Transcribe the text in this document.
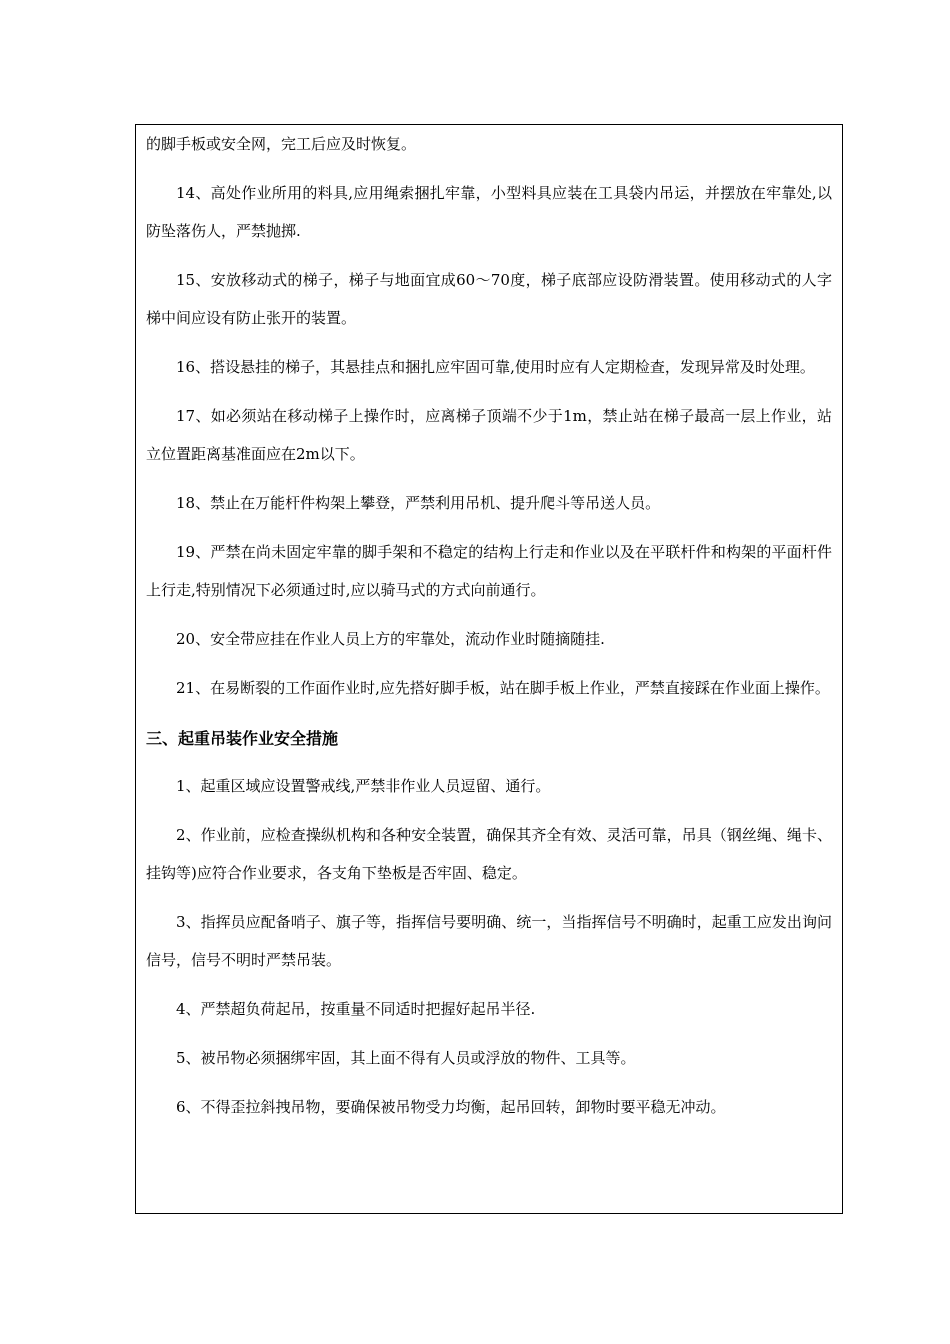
的脚手板或安全网，完工后应及时恢复。

14、高处作业所用的料具,应用绳索捆扎牢靠，小型料具应装在工具袋内吊运，并摆放在牢靠处,以防坠落伤人，严禁抛掷.

15、安放移动式的梯子，梯子与地面宜成60～70度，梯子底部应设防滑装置。使用移动式的人字梯中间应设有防止张开的装置。

16、搭设悬挂的梯子，其悬挂点和捆扎应牢固可靠,使用时应有人定期检查，发现异常及时处理。

17、如必须站在移动梯子上操作时，应离梯子顶端不少于1m，禁止站在梯子最高一层上作业，站立位置距离基准面应在2m以下。

18、禁止在万能杆件构架上攀登，严禁利用吊机、提升爬斗等吊送人员。

19、严禁在尚未固定牢靠的脚手架和不稳定的结构上行走和作业以及在平联杆件和构架的平面杆件上行走,特别情况下必须通过时,应以骑马式的方式向前通行。

20、安全带应挂在作业人员上方的牢靠处，流动作业时随摘随挂.

21、在易断裂的工作面作业时,应先搭好脚手板，站在脚手板上作业，严禁直接踩在作业面上操作。

三、起重吊装作业安全措施

1、起重区域应设置警戒线,严禁非作业人员逗留、通行。

2、作业前，应检查操纵机构和各种安全装置，确保其齐全有效、灵活可靠，吊具（钢丝绳、绳卡、挂钩等)应符合作业要求，各支角下垫板是否牢固、稳定。

3、指挥员应配备哨子、旗子等，指挥信号要明确、统一，当指挥信号不明确时，起重工应发出询问信号，信号不明时严禁吊装。

4、严禁超负荷起吊，按重量不同适时把握好起吊半径.

5、被吊物必须捆绑牢固，其上面不得有人员或浮放的物件、工具等。

6、不得歪拉斜拽吊物，要确保被吊物受力均衡，起吊回转，卸物时要平稳无冲动。
